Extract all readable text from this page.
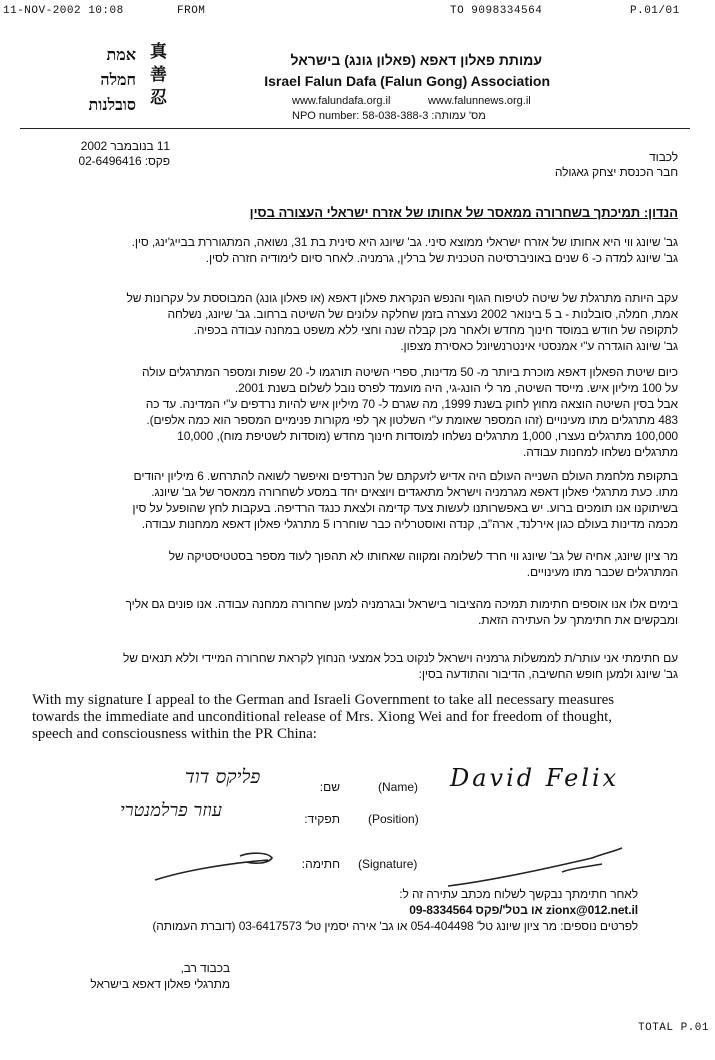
11-NOV-2002 10:08	FROM	TO 9098334564	P.01/01
真
善
忍
אמת
חמלה
סובלנות
עמותת פאלון דאפא (פאלון גונג) בישראל
Israel Falun Dafa (Falun Gong) Association
www.falundafa.org.il	www.falunnews.org.il
NPO number: 58-038-388-3 :מס' עמותה
11 בנובמבר 2002
פקס: 02-6496416	לכבוד
חבר הכנסת יצחק גאגולה
הנדון: תמיכתך בשחרורה ממאסר של אחותו של אזרח ישראלי העצורה בסין
גב' שיונג ווי היא אחותו של אזרח ישראלי ממוצא סיני. גב' שיונג היא סינית בת 31, נשואה, המתגוררת בבייג'ינג, סין.
גב' שיונג למדה כ- 6 שנים באוניברסיטה הטכנית של ברלין, גרמניה. לאחר סיום לימודיה חזרה לסין.
עקב היותה מתרגלת של שיטה לטיפוח הגוף והנפש הנקראת פאלון דאפא (או פאלון גונג) המבוססת על עקרונות של
אמת, חמלה, סובלנות - ב 5 בינואר 2002 נעצרה בזמן שחלקה עלונים של השיטה ברחוב. גב' שיונג, נשלחה
לתקופה של חודש במוסד חינוך מחדש ולאחר מכן קבלה שנה וחצי ללא משפט במחנה עבודה בכפיה.
גב' שיונג הוגדרה ע"י אמנסטי אינטרנשיונל כאסירת מצפון.
כיום שיטת הפאלון דאפא מוכרת ביותר מ- 50 מדינות, ספרי השיטה תורגמו ל- 20 שפות ומספר המתרגלים עולה
על 100 מיליון איש. מייסד השיטה, מר לי הונג-גי, היה מועמד לפרס נובל לשלום בשנת 2001.
אבל בסין השיטה הוצאה מחוץ לחוק בשנת 1999, מה שגרם ל- 70 מיליון איש להיות נרדפים ע"י המדינה. עד כה
483 מתרגלים מתו מעינויים (זהו המספר שאומת ע"י השלטון אך לפי מקורות פנימיים המספר הוא כמה אלפים).
100,000 מתרגלים נעצרו, 1,000 מתרגלים נשלחו למוסדות חינוך מחדש (מוסדות לשטיפת מוח), 10,000
מתרגלים נשלחו למחנות עבודה.
בתקופת מלחמת העולם השנייה העולם היה אדיש לזעקתם של הנרדפים ואיפשר לשואה להתרחש. 6 מיליון יהודים
מתו. כעת מתרגלי פאלון דאפא מגרמניה וישראל מתאגדים ויוצאים יחד במסע לשחרורה ממאסר של גב' שיונג.
בשיתוקנו אנו תומכים ברוע. יש באפשרותנו לעשות צעד קדימה ולצאת כנגד הרדיפה. בעקבות לחץ שהופעל על סין
מכמה מדינות בעולם כגון אירלנד, ארה"ב, קנדה ואוסטרליה כבר שוחררו 5 מתרגלי פאלון דאפא ממחנות עבודה.
מר ציון שיונג, אחיה של גב' שיונג ווי חרד לשלומה ומקווה שאחותו לא תהפוך לעוד מספר בסטטיסטיקה של
המתרגלים שכבר מתו מעינויים.
בימים אלו אנו אוספים חתימות תמיכה מהציבור בישראל ובגרמניה למען שחרורה ממחנה עבודה. אנו פונים גם אליך
ומבקשים את חתימתך על העתירה הזאת.
עם חתימתי אני עותר/ת לממשלות גרמניה וישראל לנקוט בכל אמצעי הנחוץ לקראת שחרורה המיידי וללא תנאים של
גב' שיונג ולמען חופש החשיבה, הדיבור והתודעה בסין:
With my signature I appeal to the German and Israeli Government to take all necessary measures
towards the immediate and unconditional release of Mrs. Xiong Wei and for freedom of thought,
speech and consciousness within the PR China:
פליקס דוד	שם:	(Name) David Felix
עוזר פרלמנטרי	תפקיד: (Position)
חתימה: (Signature)
לאחר חתימתך נבקשך לשלוח מכתב עתירה זה ל:
zionx@012.net.il או בטל'/פקס 09-8334564
לפרטים נוספים: מר ציון שיונג טל' 054-404498 או גב' אירה יסמין טל' 03-6417573 (דוברת העמותה)
בכבוד רב,
מתרגלי פאלון דאפא בישראל
TOTAL P.01
